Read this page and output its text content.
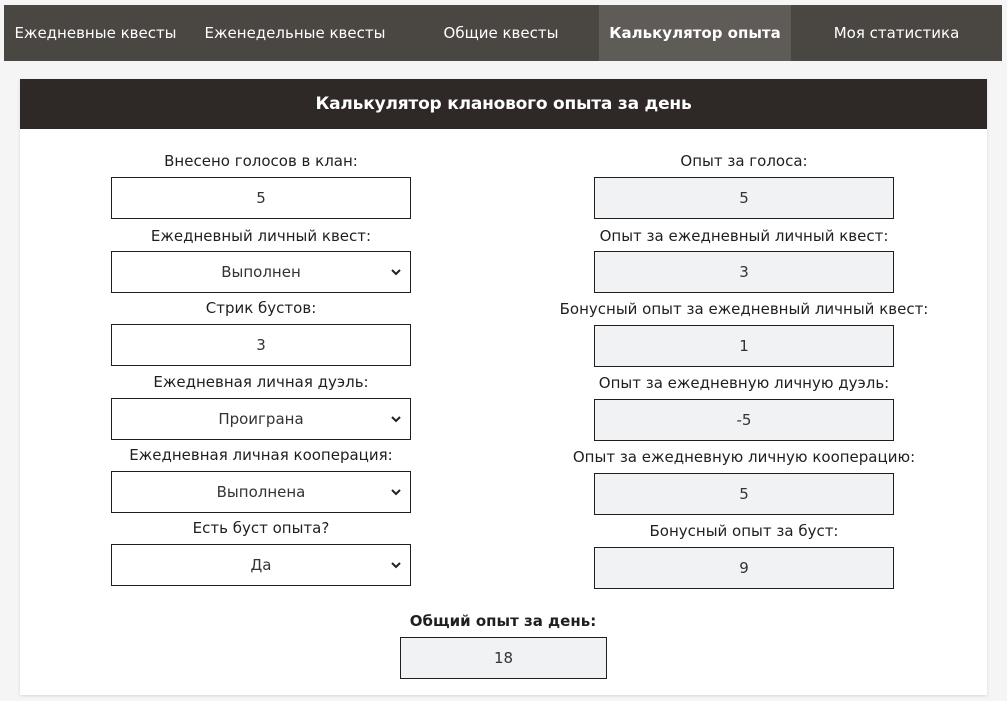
Ежедневные квесты	Еженедельные квесты	Общие квесты	Калькулятор опыта	Моя статистика
Калькулятор кланового опыта за день
Внесено голосов в клан:
5
Ежедневный личный квест:
Выполнен
Стрик бустов:
3
Ежедневная личная дуэль:
Проиграна
Ежедневная личная кооперация:
Выполнена
Есть буст опыта?
Да
Опыт за голоса:
5
Опыт за ежедневный личный квест:
3
Бонусный опыт за ежедневный личный квест:
1
Опыт за ежедневную личную дуэль:
-5
Опыт за ежедневную личную кооперацию:
5
Бонусный опыт за буст:
9
Общий опыт за день:
18
